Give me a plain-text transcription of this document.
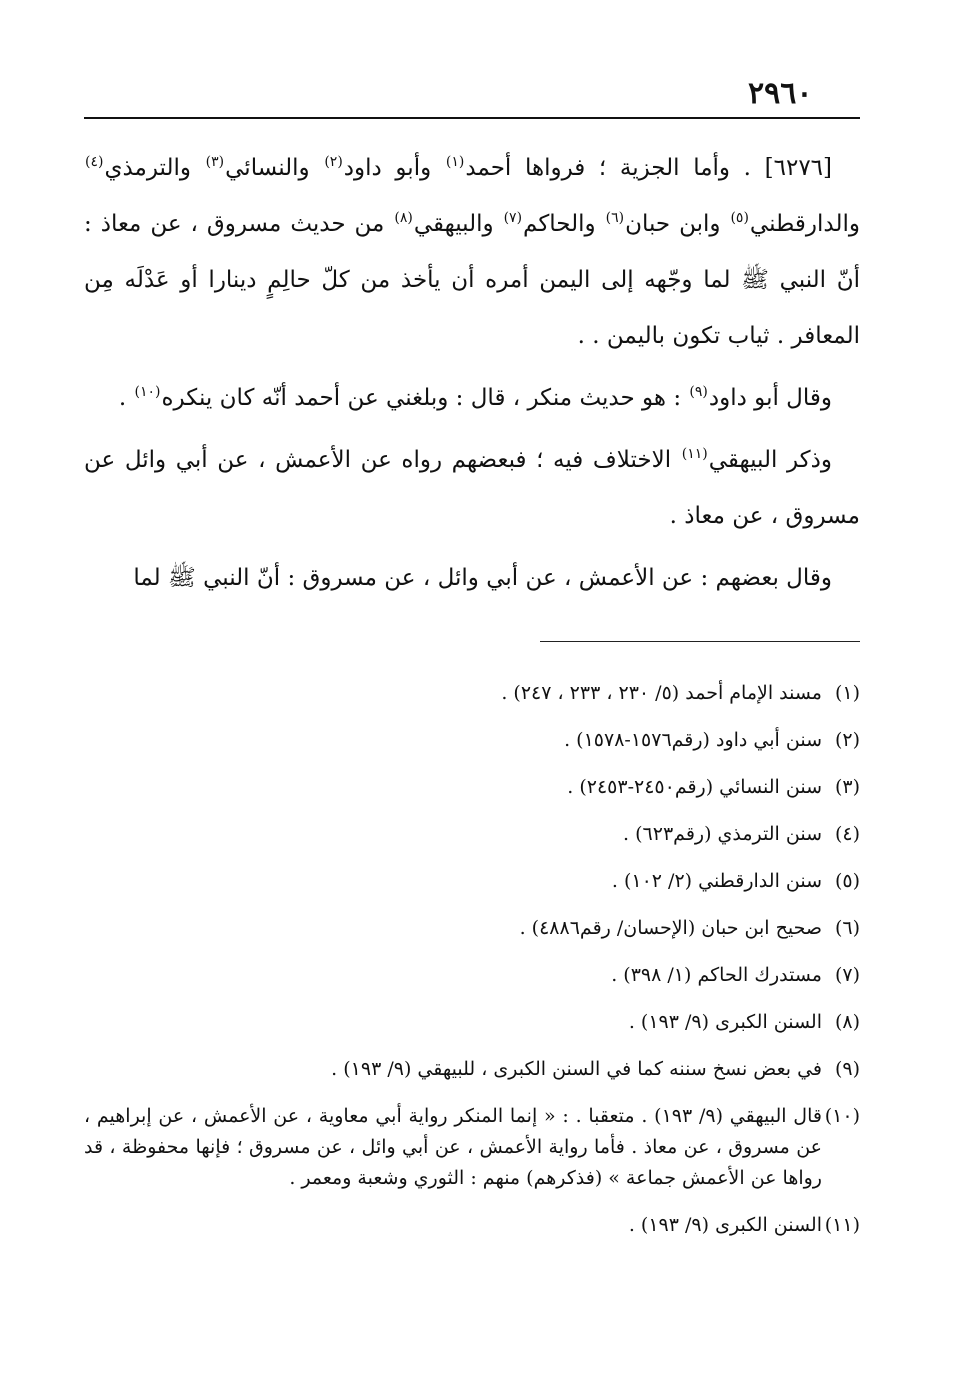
٢٩٦٠

[٦٢٧٦] . وأما الجزية ؛ فرواها أحمد$^{(١)}$ وأبو داود$^{(٢)}$ والنسائي$^{(٣)}$ والترمذي$^{(٤)}$ والدارقطني$^{(٥)}$ وابن حبان$^{(٦)}$ والحاكم$^{(٧)}$ والبيهقي$^{(٨)}$ من حديث مسروق ، عن معاذ : أنّ النبي ﷺ لما وجّهه إلى اليمن أمره أن يأخذ من كلّ حالِمٍ دينارا أو عَدْلَه مِن المعافر . ثياب تكون باليمن . .

وقال أبو داود$^{(٩)}$ : هو حديث منكر ، قال : وبلغني عن أحمد أنّه كان ينكره$^{(١٠)}$ .

وذكر البيهقي$^{(١١)}$ الاختلاف فيه ؛ فبعضهم رواه عن الأعمش ، عن أبي وائل عن مسروق ، عن معاذ .

وقال بعضهم : عن الأعمش ، عن أبي وائل ، عن مسروق : أنّ النبي ﷺ لما

(١)
مسند الإمام أحمد (٥/ ٢٣٠ ، ٢٣٣ ، ٢٤٧) .
(٢)
سنن أبي داود (رقم١٥٧٦-١٥٧٨) .
(٣)
سنن النسائي (رقم٢٤٥٠-٢٤٥٣) .
(٤)
سنن الترمذي (رقم٦٢٣) .
(٥)
سنن الدارقطني (٢/ ١٠٢) .
(٦)
صحيح ابن حبان (الإحسان/ رقم٤٨٨٦) .
(٧)
مستدرك الحاكم (١/ ٣٩٨) .
(٨)
السنن الكبرى (٩/ ١٩٣) .
(٩)
في بعض نسخ سننه كما في السنن الكبرى ، للبيهقي (٩/ ١٩٣) .
(١٠)
قال البيهقي (٩/ ١٩٣) . متعقبا . : « إنما المنكر رواية أبي معاوية ، عن الأعمش ، عن إبراهيم ، عن مسروق ، عن معاذ . فأما رواية الأعمش ، عن أبي وائل ، عن مسروق ؛ فإنها محفوظة ، قد رواها عن الأعمش جماعة » (فذكرهم) منهم : الثوري وشعبة ومعمر .
(١١)
السنن الكبرى (٩/ ١٩٣) .
